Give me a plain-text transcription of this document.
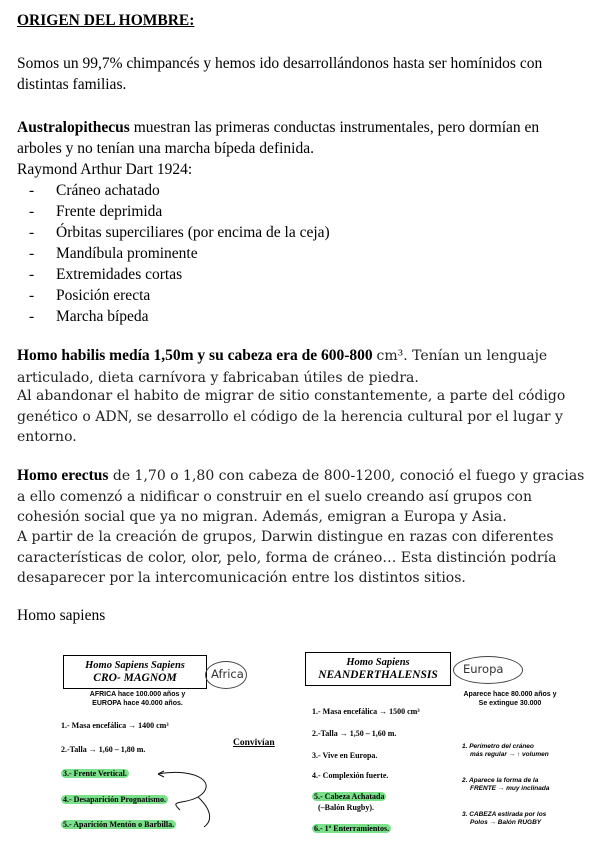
ORIGEN DEL HOMBRE:
Somos un 99,7% chimpancés y hemos ido desarrollándonos hasta ser homínidos con distintas familias.
Australopithecus muestran las primeras conductas instrumentales, pero dormían en arboles y no tenían una marcha bípeda definida.
Raymond Arthur Dart 1924:
- Cráneo achatado
- Frente deprimida
- Órbitas superciliares (por encima de la ceja)
- Mandíbula prominente
- Extremidades cortas
- Posición erecta
- Marcha bípeda
Homo habilis medía 1,50m y su cabeza era de 600-800 cm³. Tenían un lenguaje articulado, dieta carnívora y fabricaban útiles de piedra.
Al abandonar el habito de migrar de sitio constantemente, a parte del código genético o ADN, se desarrollo el código de la herencia cultural por el lugar y entorno.
Homo erectus de 1,70 o 1,80 con cabeza de 800-1200, conoció el fuego y gracias a ello comenzó a nidificar o construir en el suelo creando así grupos con cohesión social que ya no migran. Además, emigran a Europa y Asia.
A partir de la creación de grupos, Darwin distingue en razas con diferentes características de color, olor, pelo, forma de cráneo… Esta distinción podría desaparecer por la intercomunicación entre los distintos sitios.
Homo sapiens
Homo Sapiens Sapiens
CRO- MAGNOM	Africa
AFRICA hace 100.000 años y
EUROPA hace 40.000 años.
1.- Masa encefálica → 1400 cm³
2.-Talla → 1,60 – 1,80 m.
3.- Frente Vertical.
4.- Desaparición Prognatismo.
5.- Aparición Mentón o Barbilla.
Convivían
Homo Sapiens
NEANDERTHALENSIS	Europa
Aparece hace 80.000 años y
Se extingue 30.000
1.- Masa encefálica → 1500 cm³
2.-Talla → 1,50 – 1,60 m.
3.- Vive en Europa.
4.- Complexión fuerte.
5.- Cabeza Achatada
(–Balón Rugby).
6.- 1º Enterramientos.
1. Perímetro del cráneo
más regular → ↑ volumen
2. Aparece la forma de la
FRENTE → muy inclinada
3. CABEZA estirada por los
Polos → Balón RUGBY
